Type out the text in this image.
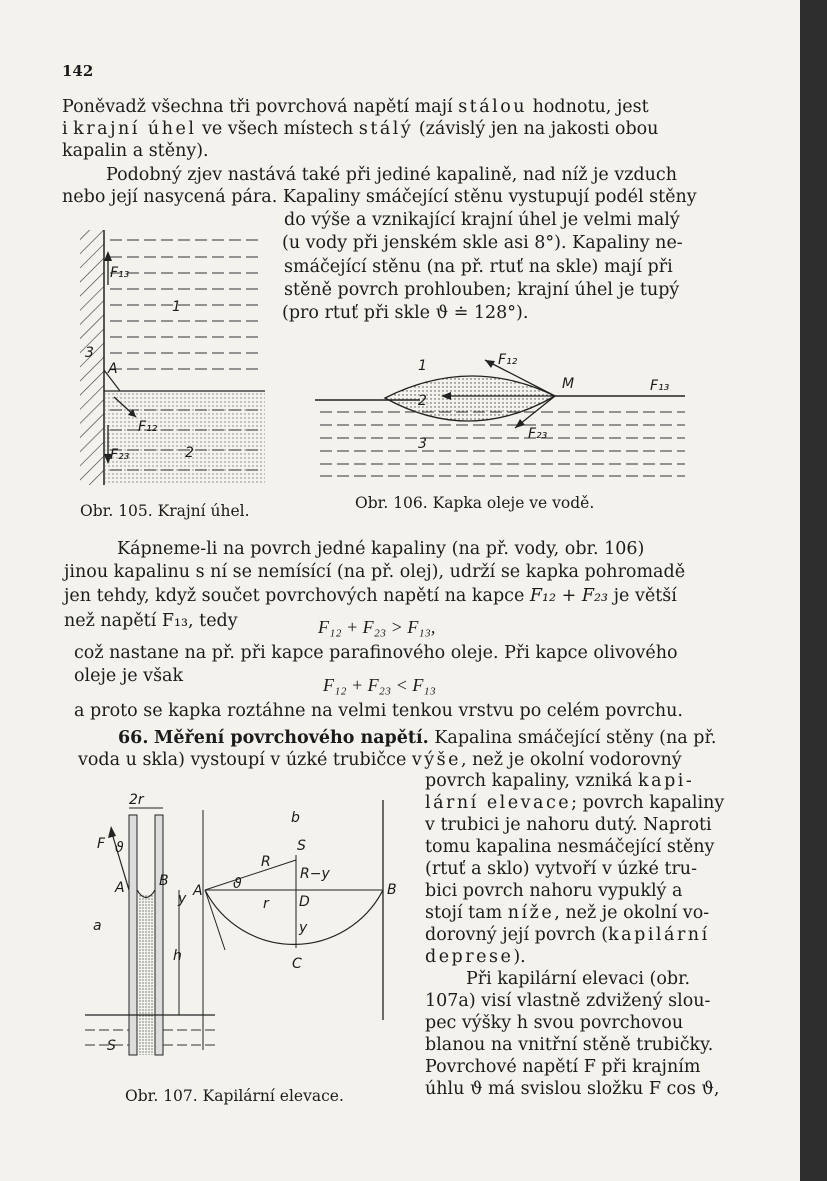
142
Poněvadž všechna tři povrchová napětí mají stálou hodnotu, jest
i krajní úhel ve všech místech stálý (závislý jen na jakosti obou
kapalin a stěny).
Podobný zjev nastává také při jediné kapalině, nad níž je vzduch
nebo její nasycená pára. Kapaliny smáčející stěnu vystupují podél stěny
do výše a vznikající krajní úhel je velmi malý
(u vody při jenském skle asi 8°). Kapaliny ne-
smáčející stěnu (na př. rtuť na skle) mají při
stěně povrch prohlouben; krajní úhel je tupý
(pro rtuť při skle ϑ ≐ 128°).
F₁₃
1
3
A
F₁₂
F₂₃	2
1	F₁₂
M	F₁₃
2
F₂₃
3
Obr. 105. Krajní úhel.	Obr. 106. Kapka oleje ve vodě.
Kápneme-li na povrch jedné kapaliny (na př. vody, obr. 106)
jinou kapalinu s ní se nemísící (na př. olej), udrží se kapka pohromadě
jen tehdy, když součet povrchových napětí na kapce F₁₂ + F₂₃ je větší
než napětí F₁₃, tedy	F₁₂ + F₂₃ > F₁₃,
což nastane na př. při kapce parafinového oleje. Při kapce olivového
oleje je však	F₁₂ + F₂₃ < F₁₃
a proto se kapka roztáhne na velmi tenkou vrstvu po celém povrchu.
66. Měření povrchového napětí. Kapalina smáčející stěny (na př.
voda u skla) vystoupí v úzké trubičce výše, než je okolní vodorovný
povrch kapaliny, vzniká kapi-
lární elevace; povrch kapaliny
v trubici je nahoru dutý. Naproti
tomu kapalina nesmáčející stěny
(rtuť a sklo) vytvoří v úzké tru-
bici povrch nahoru vypuklý a
stojí tam níže, než je okolní vo-
dorovný její povrch (kapilární
deprese).
Při kapilární elevaci (obr.
107a) visí vlastně zdvižený slou-
pec výšky h svou povrchovou
blanou na vnitřní stěně trubičky.
Povrchové napětí F při krajním
úhlu ϑ má svislou složku F cos ϑ,
2r
F ϑ
A B
y
a
h
S
b
S
R
R−y
A
r D
B
y
C
ϑ
Obr. 107. Kapilární elevace.
